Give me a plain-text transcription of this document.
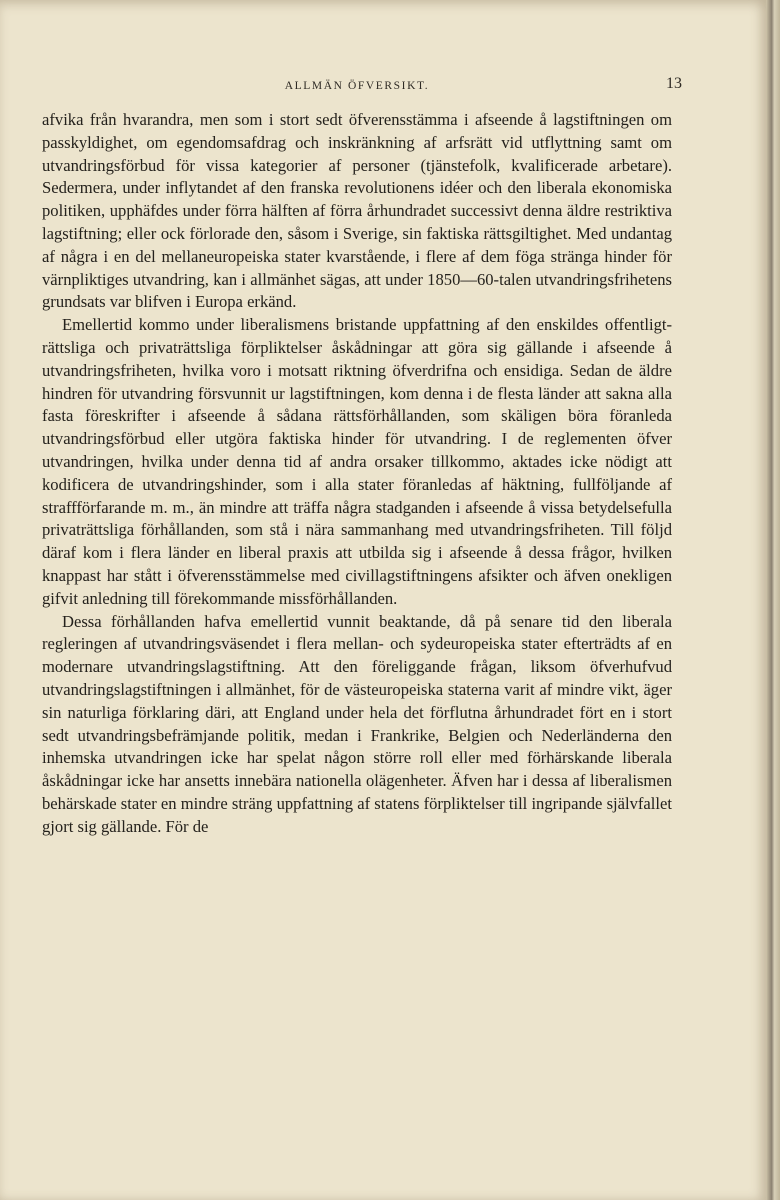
ALLMÄN ÖFVERSIKT.	13

afvika från hvarandra, men som i stort sedt öfverensstämma i afseende å lagstiftningen om passkyldighet, om egendomsafdrag och inskränkning af arfsrätt vid utflyttning samt om utvandringsförbud för vissa kategorier af personer (tjänstefolk, kvalificerade arbetare). Sedermera, under inflytandet af den franska revolutionens idéer och den liberala ekonomiska politiken, upphäfdes under förra hälften af förra århundradet successivt denna äldre restriktiva lagstiftning; eller ock förlorade den, såsom i Sverige, sin faktiska rättsgiltighet. Med undantag af några i en del mellaneuropeiska stater kvarstående, i flere af dem föga stränga hinder för värnpliktiges utvandring, kan i allmänhet sägas, att under 1850—60-talen utvandringsfrihetens grundsats var blifven i Europa erkänd.

Emellertid kommo under liberalismens bristande uppfattning af den enskildes offentligt-rättsliga och privaträttsliga förpliktelser åskådningar att göra sig gällande i afseende å utvandringsfriheten, hvilka voro i motsatt riktning öfverdrifna och ensidiga. Sedan de äldre hindren för utvandring försvunnit ur lagstiftningen, kom denna i de flesta länder att sakna alla fasta föreskrifter i afseende å sådana rättsförhållanden, som skäligen böra föranleda utvandringsförbud eller utgöra faktiska hinder för utvandring. I de reglementen öfver utvandringen, hvilka under denna tid af andra orsaker tillkommo, aktades icke nödigt att kodificera de utvandringshinder, som i alla stater föranledas af häktning, fullföljande af straffförfarande m. m., än mindre att träffa några stadganden i afseende å vissa betydelsefulla privaträttsliga förhållanden, som stå i nära sammanhang med utvandringsfriheten. Till följd däraf kom i flera länder en liberal praxis att utbilda sig i afseende å dessa frågor, hvilken knappast har stått i öfverensstämmelse med civillagstiftningens afsikter och äfven onekligen gifvit anledning till förekommande missförhållanden.

Dessa förhållanden hafva emellertid vunnit beaktande, då på senare tid den liberala regleringen af utvandringsväsendet i flera mellan- och sydeuropeiska stater efterträdts af en modernare utvandringslagstiftning. Att den föreliggande frågan, liksom öfverhufvud utvandringslagstiftningen i allmänhet, för de västeuropeiska staterna varit af mindre vikt, äger sin naturliga förklaring däri, att England under hela det förflutna århundradet fört en i stort sedt utvandringsbefrämjande politik, medan i Frankrike, Belgien och Nederländerna den inhemska utvandringen icke har spelat någon större roll eller med förhärskande liberala åskådningar icke har ansetts innebära nationella olägenheter. Äfven har i dessa af liberalismen behärskade stater en mindre sträng uppfattning af statens förpliktelser till ingripande självfallet gjort sig gällande. För de
